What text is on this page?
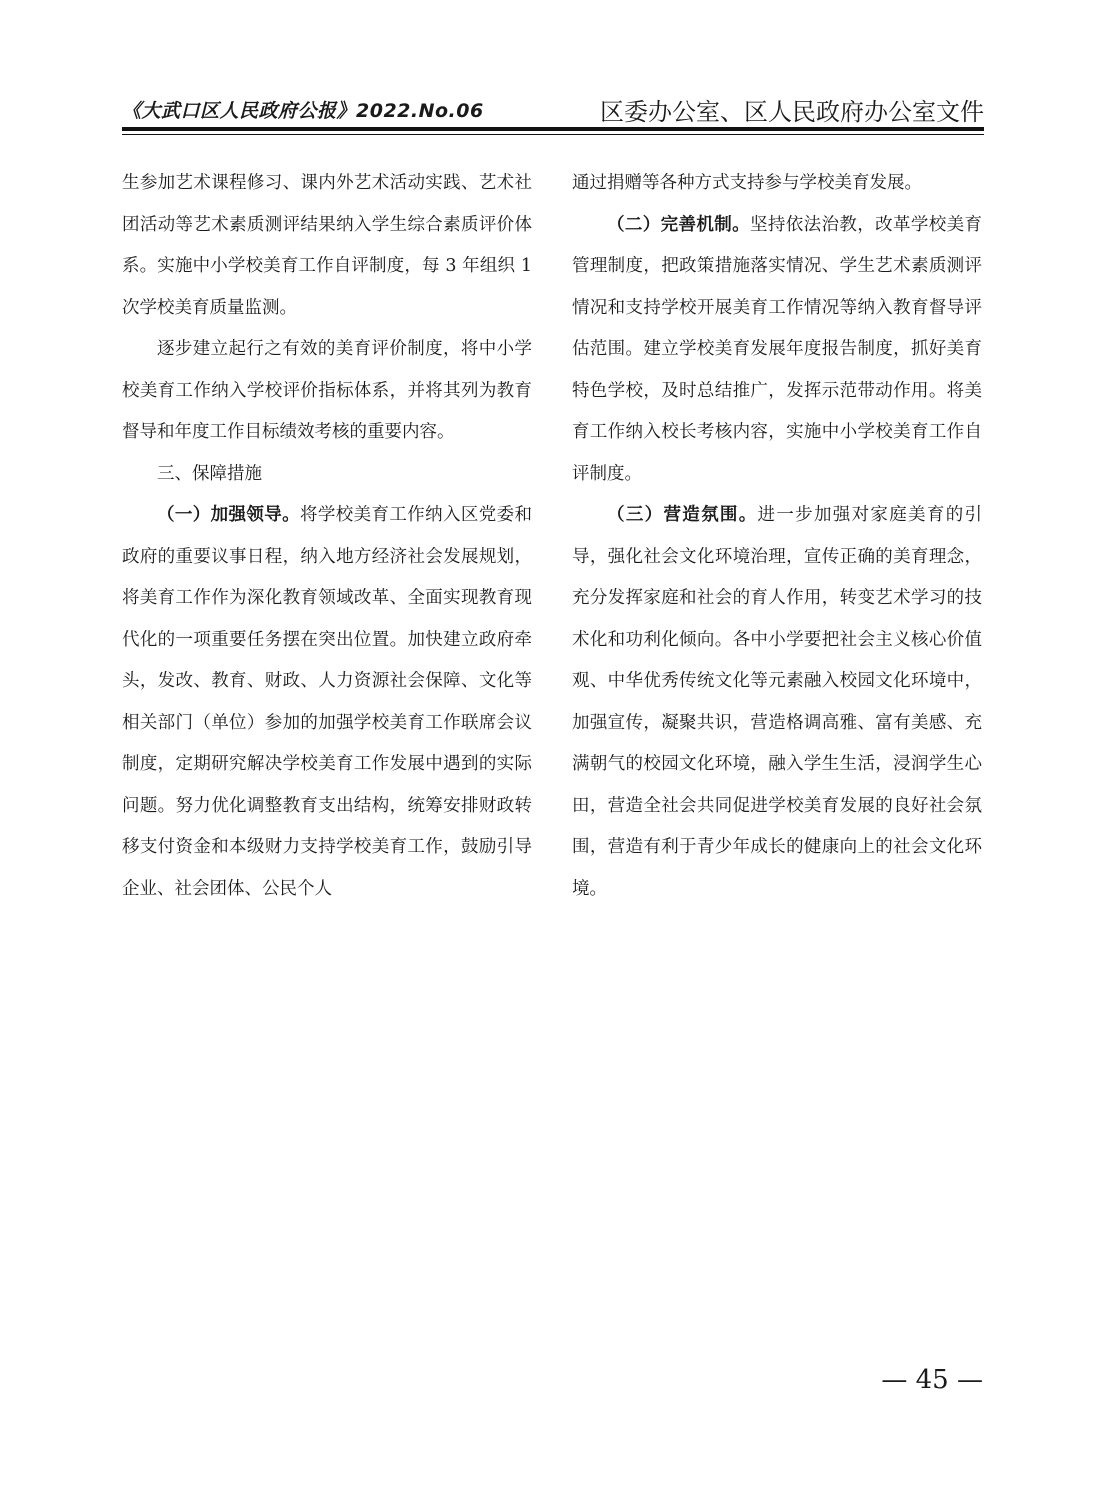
《大武口区人民政府公报》2022.No.06	区委办公室、区人民政府办公室文件

生参加艺术课程修习、课内外艺术活动实践、艺术社团活动等艺术素质测评结果纳入学生综合素质评价体系。实施中小学校美育工作自评制度，每 3 年组织 1 次学校美育质量监测。

逐步建立起行之有效的美育评价制度，将中小学校美育工作纳入学校评价指标体系，并将其列为教育督导和年度工作目标绩效考核的重要内容。

三、保障措施

（一）加强领导。将学校美育工作纳入区党委和政府的重要议事日程，纳入地方经济社会发展规划，将美育工作作为深化教育领域改革、全面实现教育现代化的一项重要任务摆在突出位置。加快建立政府牵头，发改、教育、财政、人力资源社会保障、文化等相关部门（单位）参加的加强学校美育工作联席会议制度，定期研究解决学校美育工作发展中遇到的实际问题。努力优化调整教育支出结构，统筹安排财政转移支付资金和本级财力支持学校美育工作，鼓励引导企业、社会团体、公民个人

通过捐赠等各种方式支持参与学校美育发展。

（二）完善机制。坚持依法治教，改革学校美育管理制度，把政策措施落实情况、学生艺术素质测评情况和支持学校开展美育工作情况等纳入教育督导评估范围。建立学校美育发展年度报告制度，抓好美育特色学校，及时总结推广，发挥示范带动作用。将美育工作纳入校长考核内容，实施中小学校美育工作自评制度。

（三）营造氛围。进一步加强对家庭美育的引导，强化社会文化环境治理，宣传正确的美育理念，充分发挥家庭和社会的育人作用，转变艺术学习的技术化和功利化倾向。各中小学要把社会主义核心价值观、中华优秀传统文化等元素融入校园文化环境中，加强宣传，凝聚共识，营造格调高雅、富有美感、充满朝气的校园文化环境，融入学生生活，浸润学生心田，营造全社会共同促进学校美育发展的良好社会氛围，营造有利于青少年成长的健康向上的社会文化环境。

— 45 —
